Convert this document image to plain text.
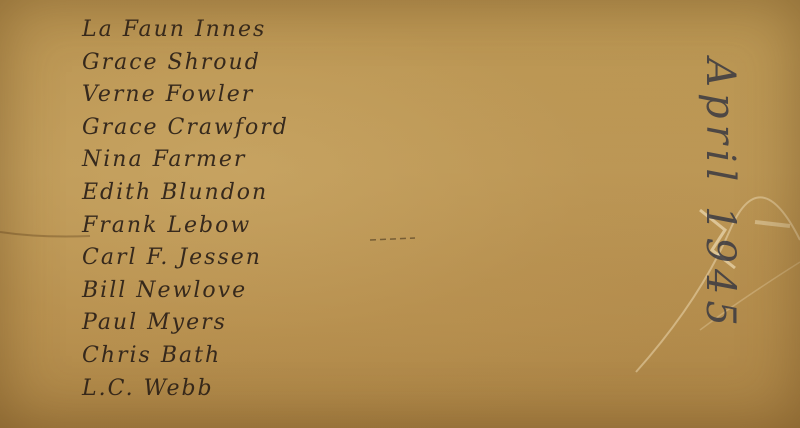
La Faun Innes
Grace Shroud
Verne Fowler
Grace Crawford
Nina Farmer
Edith Blundon
Frank Lebow
Carl F. Jessen
Bill Newlove
Paul Myers
Chris Bath
L.C. Webb
April 1945
